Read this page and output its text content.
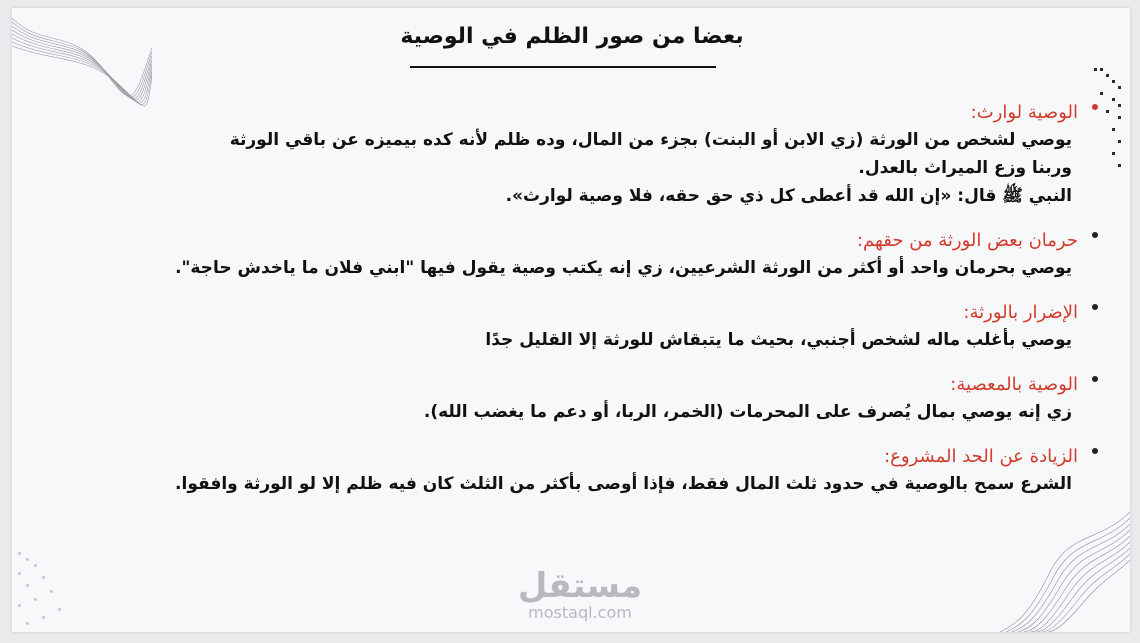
بعضا من صور الظلم في الوصية
الوصية لوارث:
يوصي لشخص من الورثة (زي الابن أو البنت) بجزء من المال، وده ظلم لأنه كده بيميزه عن باقي الورثة
وربنا وزع الميراث بالعدل.
النبي ﷺ قال: «إن الله قد أعطى كل ذي حق حقه، فلا وصية لوارث».
حرمان بعض الورثة من حقهم:
يوصي بحرمان واحد أو أكثر من الورثة الشرعيين، زي إنه يكتب وصية يقول فيها "ابني فلان ما ياخدش حاجة".
الإضرار بالورثة:
يوصي بأغلب ماله لشخص أجنبي، بحيث ما يتبقاش للورثة إلا القليل جدًا
الوصية بالمعصية:
زي إنه يوصي بمال يُصرف على المحرمات (الخمر، الربا، أو دعم ما يغضب الله).
الزيادة عن الحد المشروع:
الشرع سمح بالوصية في حدود ثلث المال فقط، فإذا أوصى بأكثر من الثلث كان فيه ظلم إلا لو الورثة وافقوا.
مستقل
mostaql.com
